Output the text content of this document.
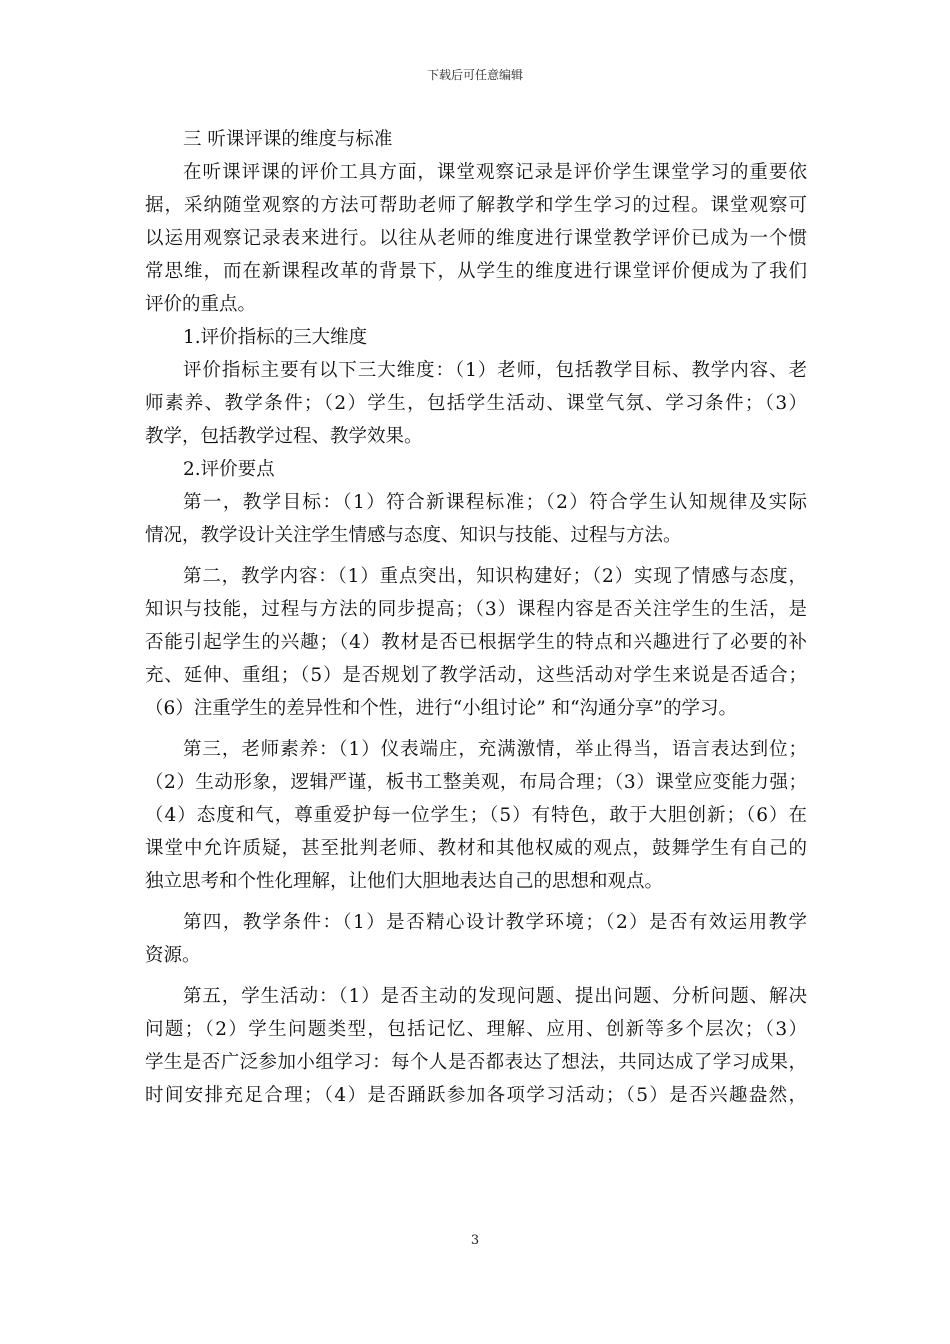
下载后可任意编辑
三 听课评课的维度与标准
在听课评课的评价工具方面，课堂观察记录是评价学生课堂学习的重要依
据，采纳随堂观察的方法可帮助老师了解教学和学生学习的过程。课堂观察可
以运用观察记录表来进行。以往从老师的维度进行课堂教学评价已成为一个惯
常思维，而在新课程改革的背景下，从学生的维度进行课堂评价便成为了我们
评价的重点。
1.评价指标的三大维度
评价指标主要有以下三大维度：（1）老师，包括教学目标、教学内容、老
师素养、教学条件；（2）学生，包括学生活动、课堂气氛、学习条件；（3）
教学，包括教学过程、教学效果。
2.评价要点
第一，教学目标：（1）符合新课程标准；（2）符合学生认知规律及实际
情况，教学设计关注学生情感与态度、知识与技能、过程与方法。
第二，教学内容：（1）重点突出，知识构建好；（2）实现了情感与态度，
知识与技能，过程与方法的同步提高；（3）课程内容是否关注学生的生活，是
否能引起学生的兴趣；（4）教材是否已根据学生的特点和兴趣进行了必要的补
充、延伸、重组；（5）是否规划了教学活动，这些活动对学生来说是否适合；
（6）注重学生的差异性和个性，进行“小组讨论” 和“沟通分享”的学习。
第三，老师素养：（1）仪表端庄，充满激情，举止得当，语言表达到位；
（2）生动形象，逻辑严谨，板书工整美观，布局合理；（3）课堂应变能力强；
（4）态度和气，尊重爱护每一位学生；（5）有特色，敢于大胆创新；（6）在
课堂中允许质疑，甚至批判老师、教材和其他权威的观点，鼓舞学生有自己的
独立思考和个性化理解，让他们大胆地表达自己的思想和观点。
第四，教学条件：（1）是否精心设计教学环境；（2）是否有效运用教学
资源。
第五，学生活动：（1）是否主动的发现问题、提出问题、分析问题、解决
问题；（2）学生问题类型，包括记忆、理解、应用、创新等多个层次；（3）
学生是否广泛参加小组学习：每个人是否都表达了想法，共同达成了学习成果，
时间安排充足合理；（4）是否踊跃参加各项学习活动；（5）是否兴趣盎然，
3
